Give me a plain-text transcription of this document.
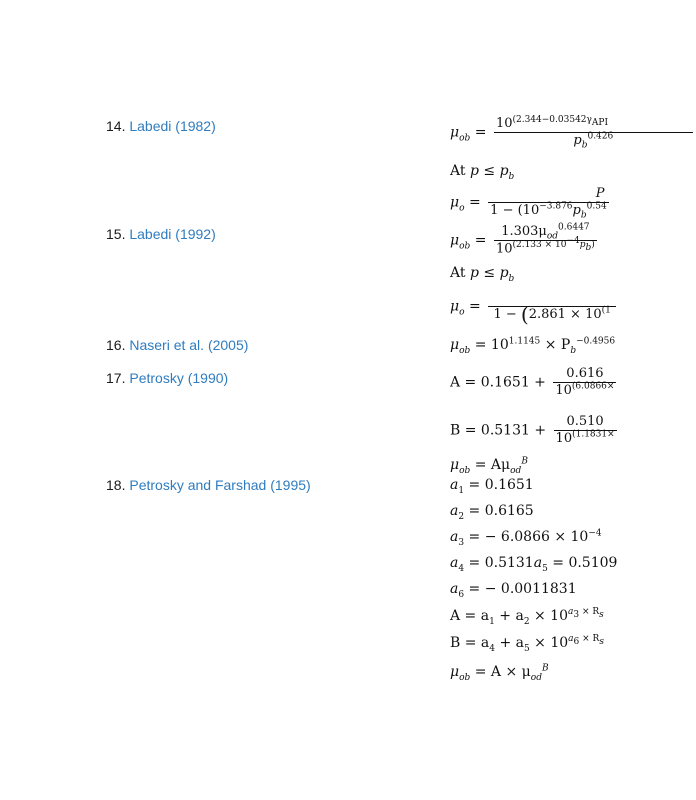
14. Labedi (1982)
15. Labedi (1992)
16. Naseri et al. (2005)
17. Petrosky (1990)
18. Petrosky and Farshad (1995)
$\mu_{ob} = \frac{10^{(2.344-0.03542\gamma_{API}}}{p_b^{0.426}}$
At $p \le p_b$
$\mu_o = \frac{P}{1 - (10^{-3.876}p_b^{0.54}}$
$\mu_{ob} = \frac{1.303\mu_{od}^{0.6447}}{10^{(2.133 \times 10^{-4}p_b)}}$
At $p \le p_b$
$\mu_o$ =
$1 - (2.861 \times 10^{(1}$
$\mu_{ob} = 10^{1.1145} \times P_b^{-0.4956}$
$A = 0.1651 + \frac{0.616}{10^{(6.0866\times}}$
$B = 0.5131 + \frac{0.510}{10^{(1.1831\times}}$
$\mu_{ob} = A\mu_{od}^B$
$a_1 = 0.1651$
$a_2 = 0.6165$
$a_3$ = − $6.0866 \times 10^{-4}$
$a_4 = 0.5131a_5 = 0.5109$
$a_6$ = − 0.0011831
$A = a_1 + a_2 \times 10^{a_3 \times R_s}$
$B = a_4 + a_5 \times 10^{a_6 \times R_s}$
$\mu_{ob} = A \times \mu_{od}^B$
